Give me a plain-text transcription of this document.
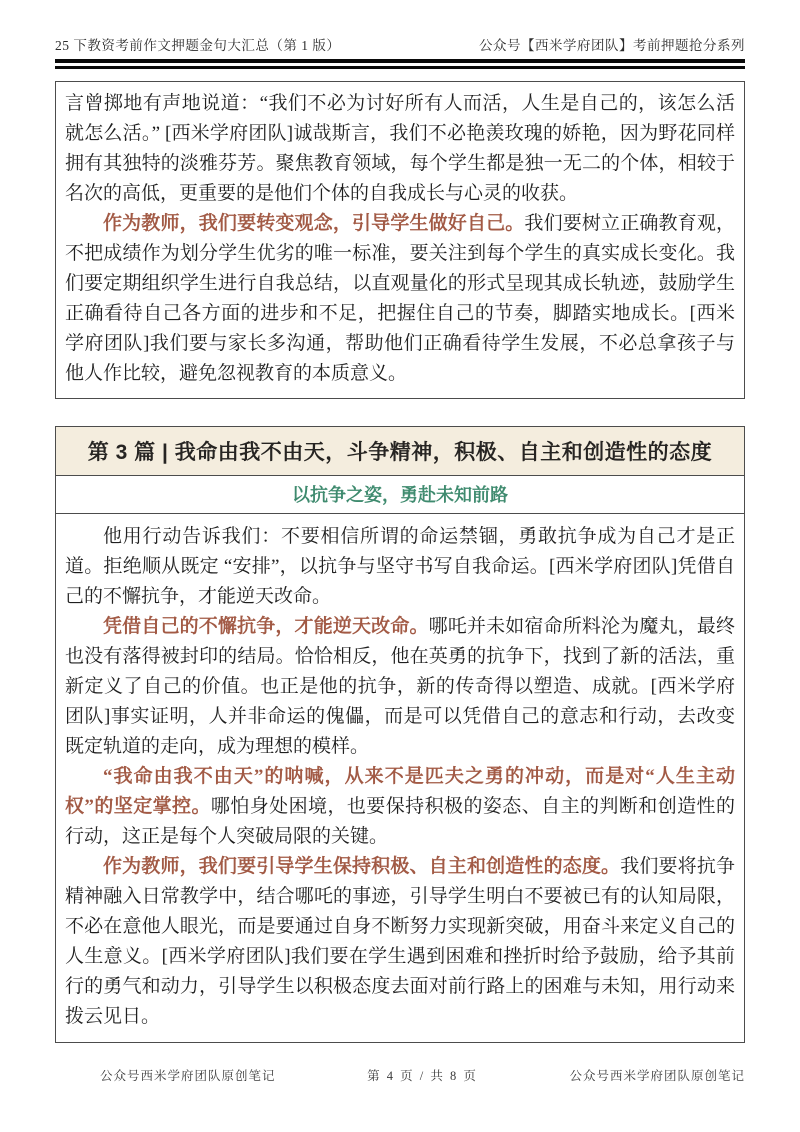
25 下教资考前作文押题金句大汇总（第 1 版）	公众号【西米学府团队】考前押题抢分系列

言曾掷地有声地说道：“我们不必为讨好所有人而活，人生是自己的，该怎么活就怎么活。” [西米学府团队]诚哉斯言，我们不必艳羡玫瑰的娇艳，因为野花同样拥有其独特的淡雅芬芳。聚焦教育领域，每个学生都是独一无二的个体，相较于名次的高低，更重要的是他们个体的自我成长与心灵的收获。

作为教师，我们要转变观念，引导学生做好自己。我们要树立正确教育观，不把成绩作为划分学生优劣的唯一标准，要关注到每个学生的真实成长变化。我们要定期组织学生进行自我总结，以直观量化的形式呈现其成长轨迹，鼓励学生正确看待自己各方面的进步和不足，把握住自己的节奏，脚踏实地成长。[西米学府团队]我们要与家长多沟通，帮助他们正确看待学生发展，不必总拿孩子与他人作比较，避免忽视教育的本质意义。

第 3 篇 | 我命由我不由天，斗争精神，积极、自主和创造性的态度
以抗争之姿，勇赴未知前路

他用行动告诉我们：不要相信所谓的命运禁锢，勇敢抗争成为自己才是正道。拒绝顺从既定 “安排”，以抗争与坚守书写自我命运。[西米学府团队]凭借自己的不懈抗争，才能逆天改命。

凭借自己的不懈抗争，才能逆天改命。哪吒并未如宿命所料沦为魔丸，最终也没有落得被封印的结局。恰恰相反，他在英勇的抗争下，找到了新的活法，重新定义了自己的价值。也正是他的抗争，新的传奇得以塑造、成就。[西米学府团队]事实证明，人并非命运的傀儡，而是可以凭借自己的意志和行动，去改变既定轨道的走向，成为理想的模样。

“我命由我不由天”的呐喊，从来不是匹夫之勇的冲动，而是对“人生主动权”的坚定掌控。哪怕身处困境，也要保持积极的姿态、自主的判断和创造性的行动，这正是每个人突破局限的关键。

作为教师，我们要引导学生保持积极、自主和创造性的态度。我们要将抗争精神融入日常教学中，结合哪吒的事迹，引导学生明白不要被已有的认知局限，不必在意他人眼光，而是要通过自身不断努力实现新突破，用奋斗来定义自己的人生意义。[西米学府团队]我们要在学生遇到困难和挫折时给予鼓励，给予其前行的勇气和动力，引导学生以积极态度去面对前行路上的困难与未知，用行动来拨云见日。

公众号西米学府团队原创笔记	第 4 页 / 共 8 页	公众号西米学府团队原创笔记
